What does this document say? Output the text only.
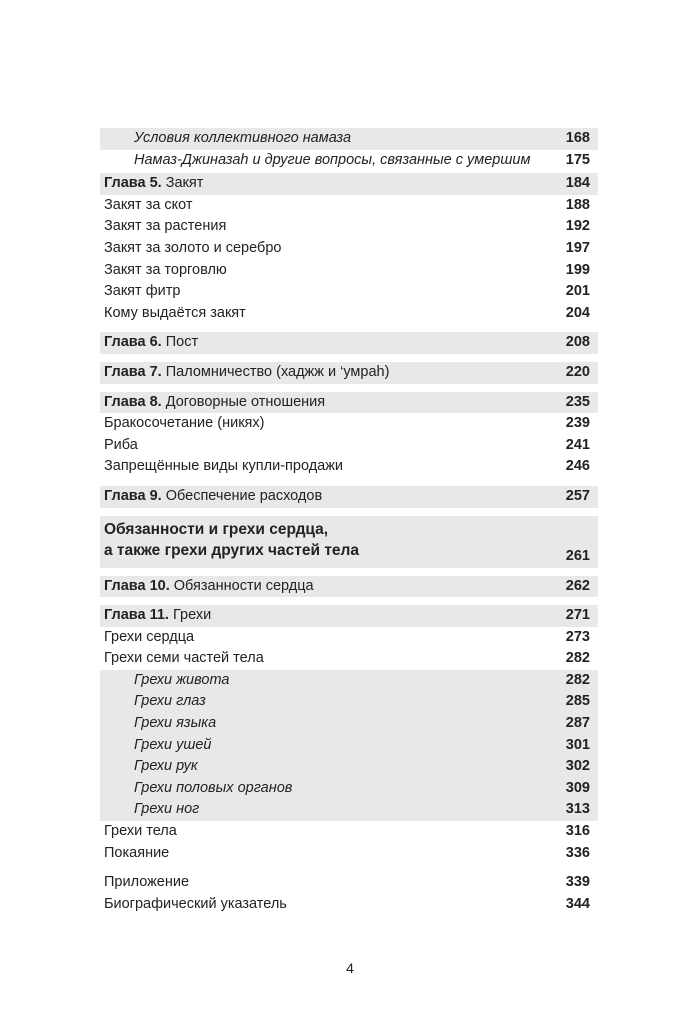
Условия коллективного намаза	168
Намаз-Джиназаh и другие вопросы, связанные с умершим 175
Глава 5. Закят	184
Закят за скот	188
Закят за растения	192
Закят за золото и серебро	197
Закят за торговлю	199
Закят фитр	201
Кому выдаётся закят	204
Глава 6. Пост	208
Глава 7. Паломничество (хаджж и ‘умраh)	220
Глава 8. Договорные отношения	235
Бракосочетание (никях)	239
Риба	241
Запрещённые виды купли-продажи	246
Глава 9. Обеспечение расходов	257
Обязанности и грехи сердца,
а также грехи других частей тела	261
Глава 10. Обязанности сердца	262
Глава 11. Грехи	271
Грехи сердца	273
Грехи семи частей тела	282
Грехи живота	282
Грехи глаз	285
Грехи языка	287
Грехи ушей	301
Грехи рук	302
Грехи половых органов	309
Грехи ног	313
Грехи тела	316
Покаяние	336
Приложение	339
Биографический указатель	344
4
